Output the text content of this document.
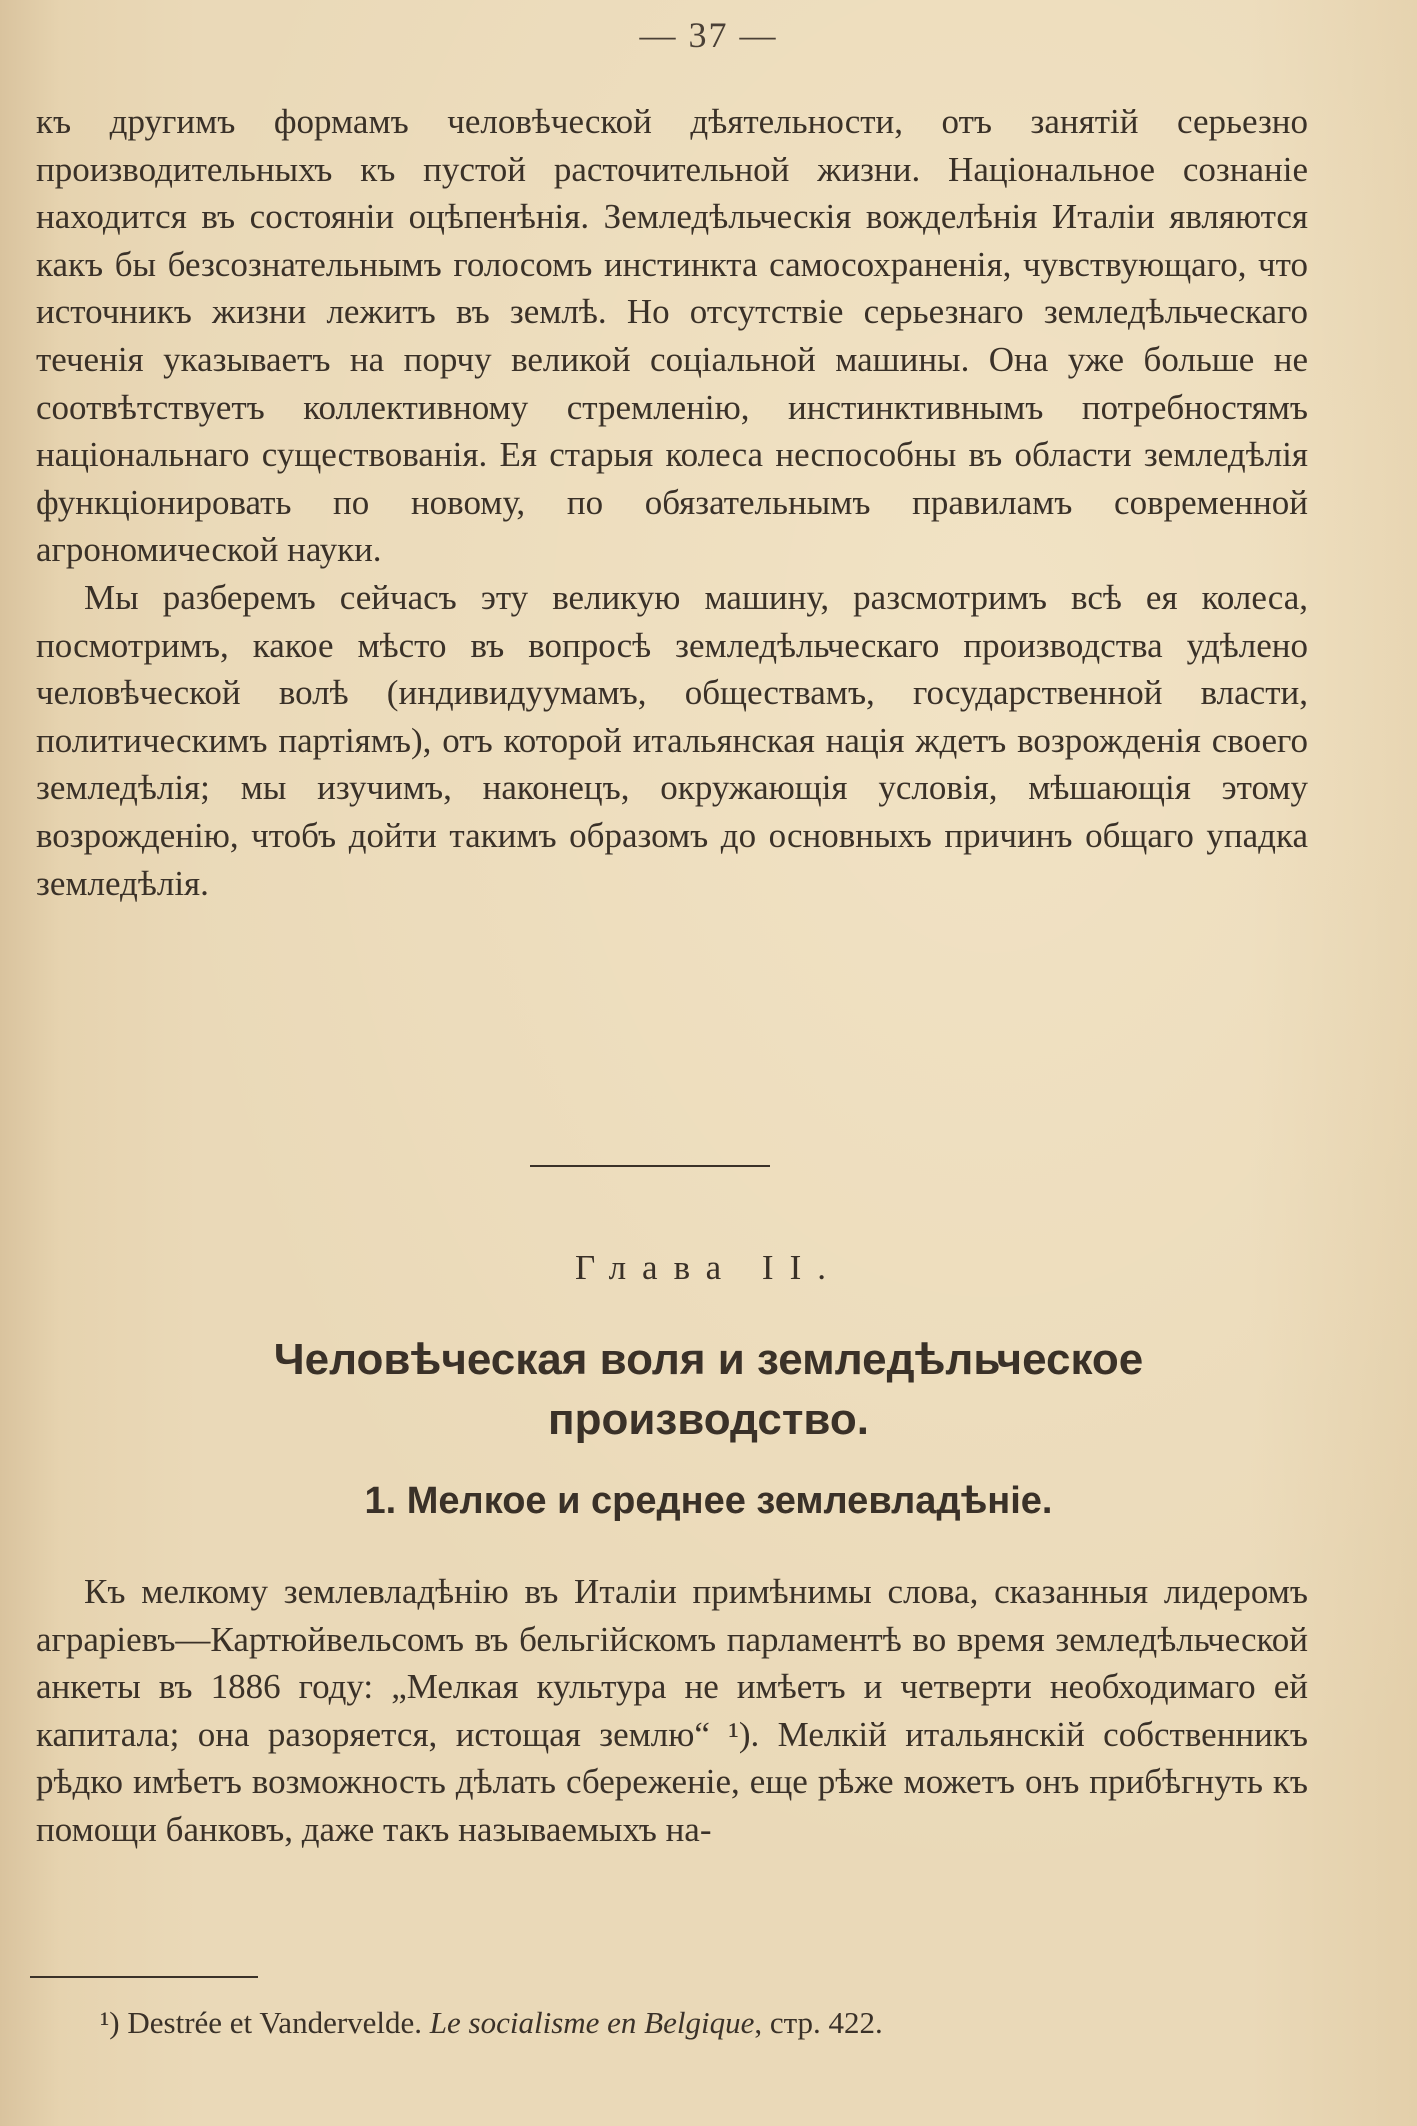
— 37 —

къ другимъ формамъ человѣческой дѣятельности, отъ занятій серьезно производительныхъ къ пустой расточительной жизни. Національное сознаніе находится въ состояніи оцѣпенѣнія. Земледѣльческія вожделѣнія Италіи являются какъ бы безсознательнымъ голосомъ инстинкта самосохраненія, чувствующаго, что источникъ жизни лежитъ въ землѣ. Но отсутствіе серьезнаго земледѣльческаго теченія указываетъ на порчу великой соціальной машины. Она уже больше не соотвѣтствуетъ коллективному стремленію, инстинктивнымъ потребностямъ національнаго существованія. Ея старыя колеса неспособны въ области земледѣлія функціонировать по новому, по обязательнымъ правиламъ современной агрономической науки.

Мы разберемъ сейчасъ эту великую машину, разсмотримъ всѣ ея колеса, посмотримъ, какое мѣсто въ вопросѣ земледѣльческаго производства удѣлено человѣческой волѣ (индивидуумамъ, обществамъ, государственной власти, политическимъ партіямъ), отъ которой итальянская нація ждетъ возрожденія своего земледѣлія; мы изучимъ, наконецъ, окружающія условія, мѣшающія этому возрожденію, чтобъ дойти такимъ образомъ до основныхъ причинъ общаго упадка земледѣлія.

Глава II.
Человѣческая воля и земледѣльческое
производство.
1. Мелкое и среднее землевладѣніе.

Къ мелкому землевладѣнію въ Италіи примѣнимы слова, сказанныя лидеромъ аграріевъ—Картюйвельсомъ въ бельгійскомъ парламентѣ во время земледѣльческой анкеты въ 1886 году: „Мелкая культура не имѣетъ и четверти необходимаго ей капитала; она разоряется, истощая землю“ ¹). Мелкій итальянскій собственникъ рѣдко имѣетъ возможность дѣлать сбереженіе, еще рѣже можетъ онъ прибѣгнуть къ помощи банковъ, даже такъ называемыхъ на-

¹) Destrée et Vandervelde. Le socialisme en Belgique, стр. 422.
